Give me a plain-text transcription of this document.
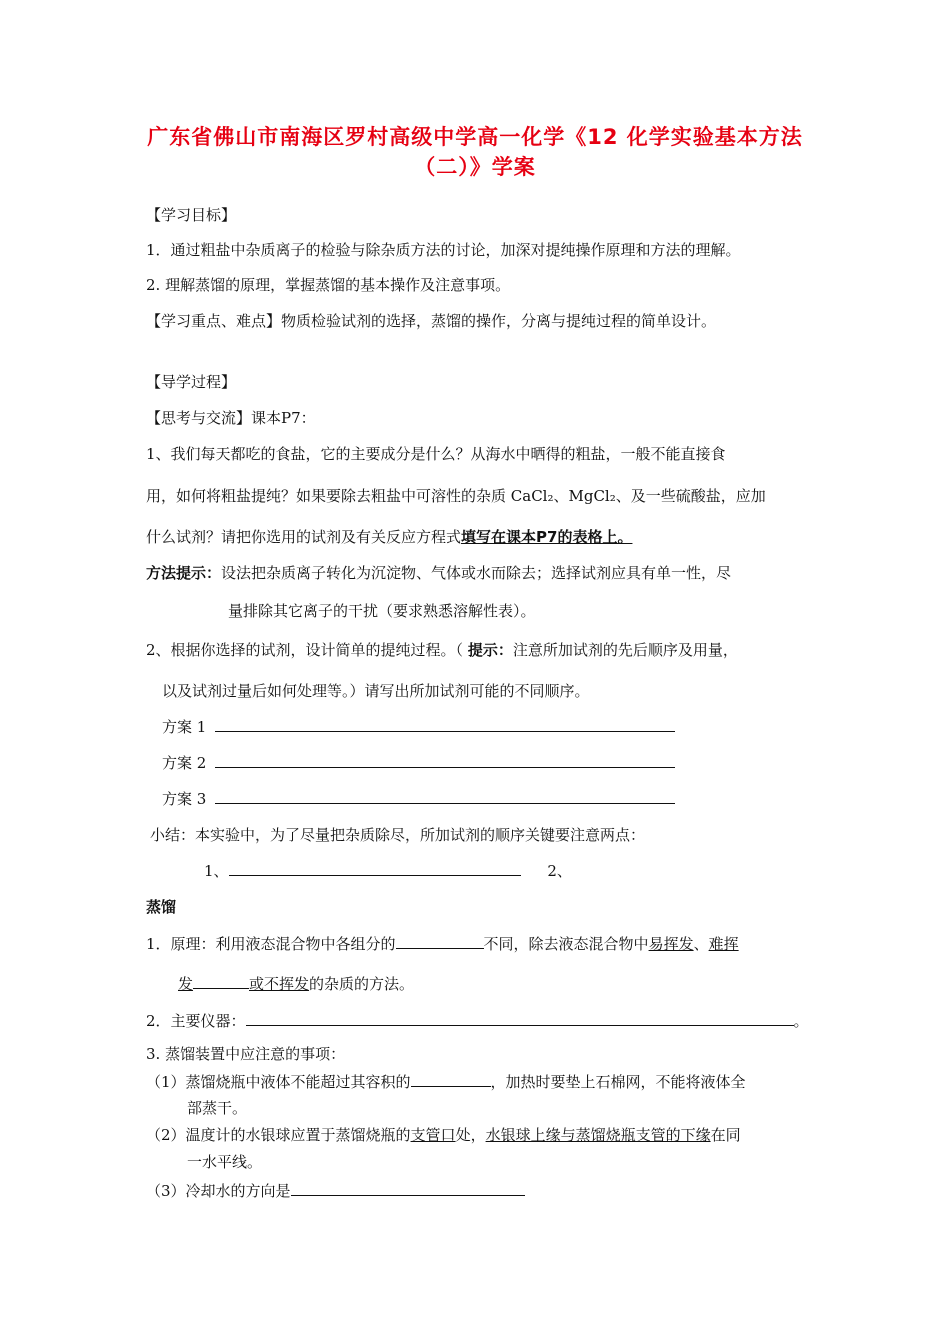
广东省佛山市南海区罗村高级中学高一化学《12 化学实验基本方法
（二）》学案
【学习目标】
1．通过粗盐中杂质离子的检验与除杂质方法的讨论，加深对提纯操作原理和方法的理解。
2. 理解蒸馏的原理，掌握蒸馏的基本操作及注意事项。
【学习重点、难点】物质检验试剂的选择，蒸馏的操作，分离与提纯过程的简单设计。
【导学过程】
【思考与交流】课本P7：
1、我们每天都吃的食盐，它的主要成分是什么？从海水中晒得的粗盐，一般不能直接食
用，如何将粗盐提纯？如果要除去粗盐中可溶性的杂质 CaCl₂、MgCl₂、及一些硫酸盐，应加
什么试剂？请把你选用的试剂及有关反应方程式填写在课本P7的表格上。
方法提示：设法把杂质离子转化为沉淀物、气体或水而除去；选择试剂应具有单一性，尽
量排除其它离子的干扰（要求熟悉溶解性表）。
2、根据你选择的试剂，设计简单的提纯过程。（ 提示：注意所加试剂的先后顺序及用量，
以及试剂过量后如何处理等。）请写出所加试剂可能的不同顺序。
方案 1
方案 2
方案 3
小结：本实验中，为了尽量把杂质除尽，所加试剂的顺序关键要注意两点：
1、	2、
蒸馏
1．原理：利用液态混合物中各组分的	不同，除去液态混合物中易挥发、难挥
发	或不挥发的杂质的方法。
2．主要仪器：	。
3. 蒸馏装置中应注意的事项：
（1）蒸馏烧瓶中液体不能超过其容积的	，加热时要垫上石棉网，不能将液体全
部蒸干。
（2）温度计的水银球应置于蒸馏烧瓶的支管口处，水银球上缘与蒸馏烧瓶支管的下缘在同
一水平线。
（3）冷却水的方向是
